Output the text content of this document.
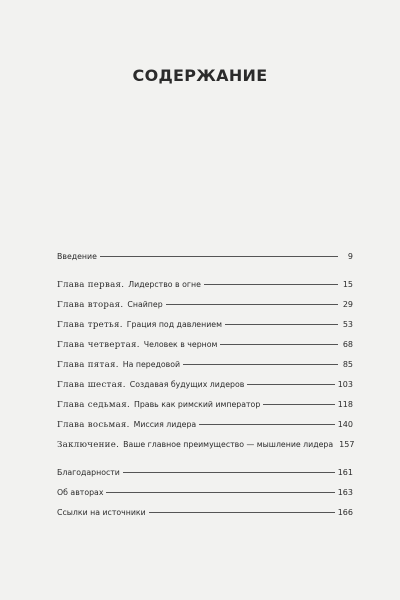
СОДЕРЖАНИЕ
Введение	9
Глава первая. Лидерство в огне	15
Глава вторая. Снайпер	29
Глава третья. Грация под давлением	53
Глава четвертая. Человек в черном	68
Глава пятая. На передовой	85
Глава шестая. Создавая будущих лидеров	103
Глава седьмая. Правь как римский император	118
Глава восьмая. Миссия лидера	140
Заключение. Ваше главное преимущество — мышление лидера 157
Благодарности	161
Об авторах	163
Ссылки на источники	166
